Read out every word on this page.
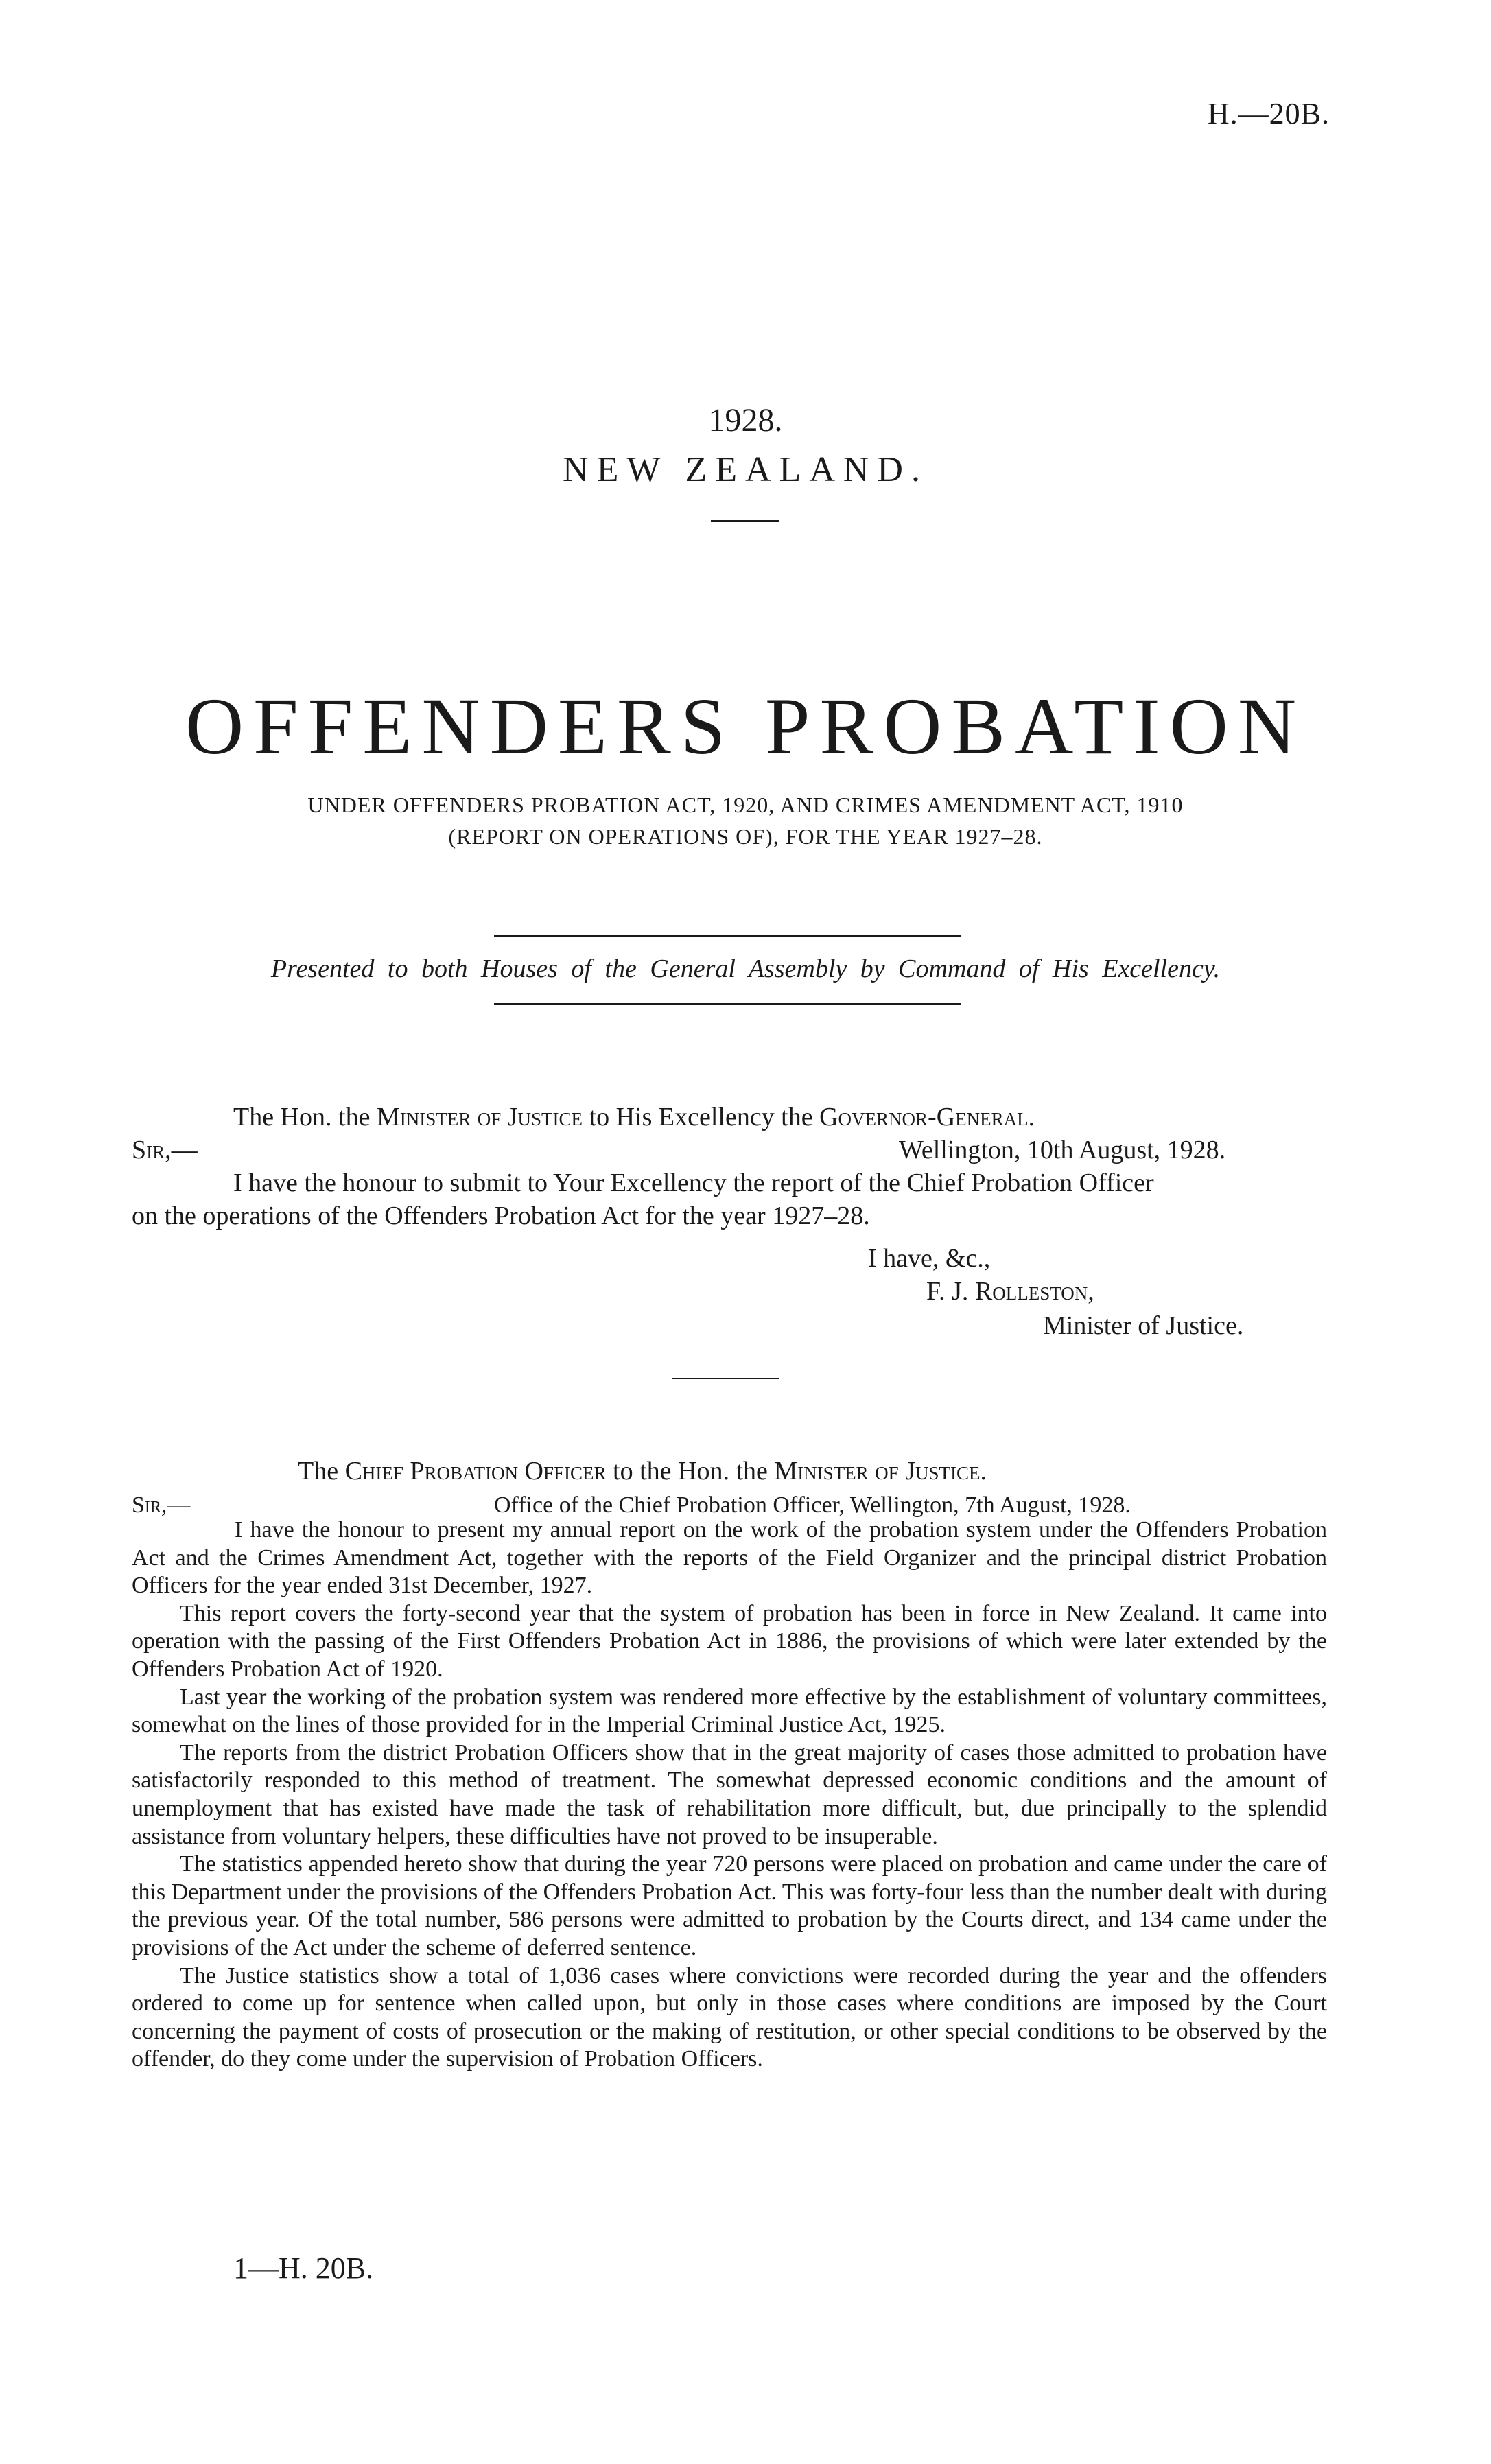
H.—20B.
1928.
NEW ZEALAND.
OFFENDERS PROBATION
UNDER OFFENDERS PROBATION ACT, 1920, AND CRIMES AMENDMENT ACT, 1910
(REPORT ON OPERATIONS OF), FOR THE YEAR 1927–28.
Presented to both Houses of the General Assembly by Command of His Excellency.
The Hon. the Minister of Justice to His Excellency the Governor-General.
Sir,—	Wellington, 10th August, 1928.
I have the honour to submit to Your Excellency the report of the Chief Probation Officer
on the operations of the Offenders Probation Act for the year 1927–28.
I have, &c.,
F. J. Rolleston,
Minister of Justice.
The Chief Probation Officer to the Hon. the Minister of Justice.
Sir,—	Office of the Chief Probation Officer, Wellington, 7th August, 1928.

I have the honour to present my annual report on the work of the probation system under the Offenders Probation Act and the Crimes Amendment Act, together with the reports of the Field Organizer and the principal district Probation Officers for the year ended 31st December, 1927.

This report covers the forty-second year that the system of probation has been in force in New Zealand. It came into operation with the passing of the First Offenders Probation Act in 1886, the provisions of which were later extended by the Offenders Probation Act of 1920.

Last year the working of the probation system was rendered more effective by the establishment of voluntary committees, somewhat on the lines of those provided for in the Imperial Criminal Justice Act, 1925.

The reports from the district Probation Officers show that in the great majority of cases those admitted to probation have satisfactorily responded to this method of treatment. The somewhat depressed economic conditions and the amount of unemployment that has existed have made the task of rehabilitation more difficult, but, due principally to the splendid assistance from voluntary helpers, these difficulties have not proved to be insuperable.

The statistics appended hereto show that during the year 720 persons were placed on probation and came under the care of this Department under the provisions of the Offenders Probation Act. This was forty-four less than the number dealt with during the previous year. Of the total number, 586 persons were admitted to probation by the Courts direct, and 134 came under the provisions of the Act under the scheme of deferred sentence.

The Justice statistics show a total of 1,036 cases where convictions were recorded during the year and the offenders ordered to come up for sentence when called upon, but only in those cases where conditions are imposed by the Court concerning the payment of costs of prosecution or the making of restitution, or other special conditions to be observed by the offender, do they come under the supervision of Probation Officers.

1—H. 20B.
